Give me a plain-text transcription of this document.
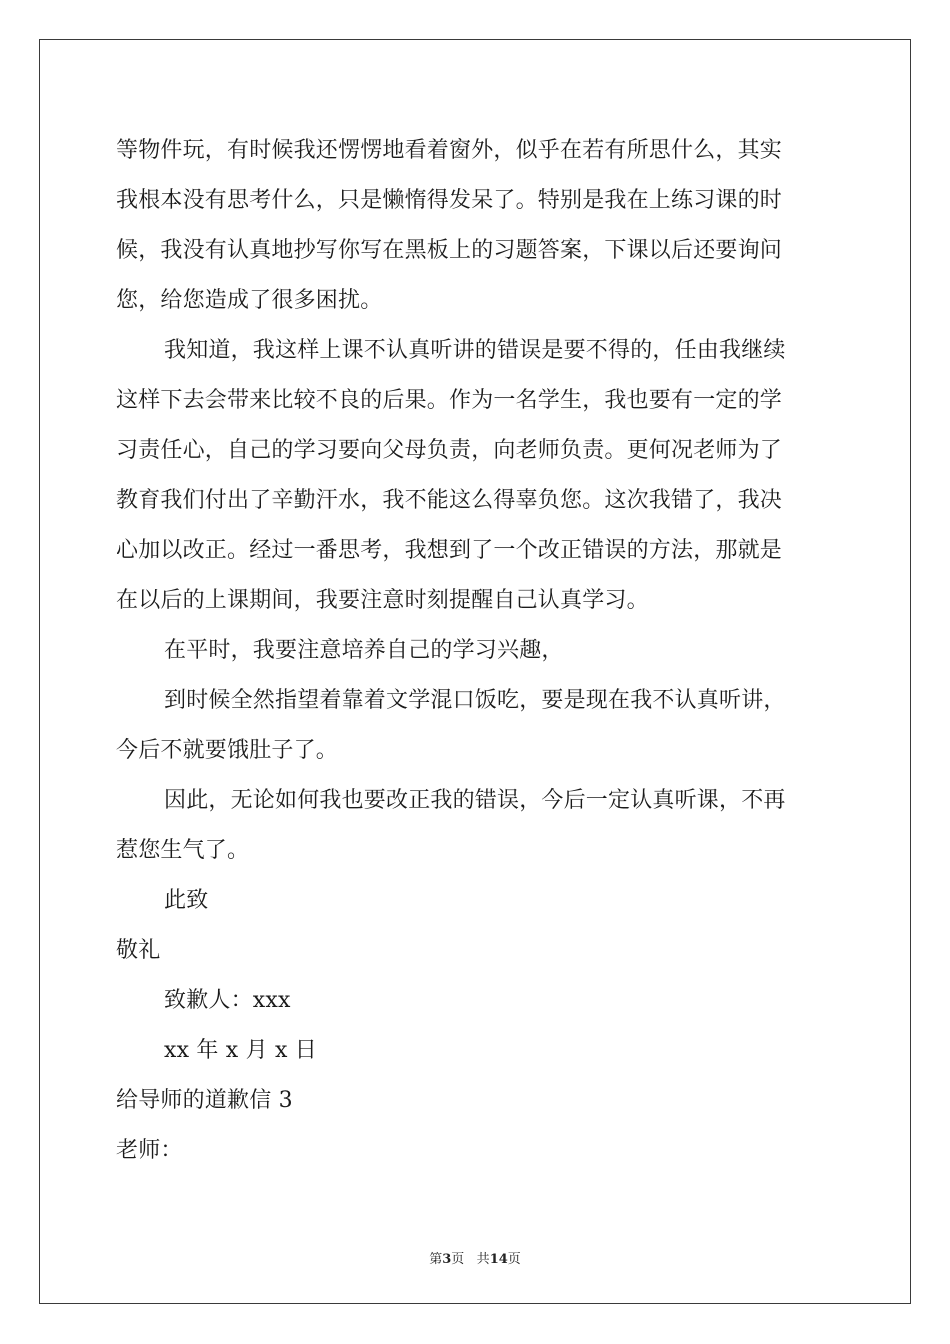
等物件玩，有时候我还愣愣地看着窗外，似乎在若有所思什么，其实
我根本没有思考什么，只是懒惰得发呆了。特别是我在上练习课的时
候，我没有认真地抄写你写在黑板上的习题答案，下课以后还要询问
您，给您造成了很多困扰。
我知道，我这样上课不认真听讲的错误是要不得的，任由我继续
这样下去会带来比较不良的后果。作为一名学生，我也要有一定的学
习责任心，自己的学习要向父母负责，向老师负责。更何况老师为了
教育我们付出了辛勤汗水，我不能这么得辜负您。这次我错了，我决
心加以改正。经过一番思考，我想到了一个改正错误的方法，那就是
在以后的上课期间，我要注意时刻提醒自己认真学习。
在平时，我要注意培养自己的学习兴趣，
到时候全然指望着靠着文学混口饭吃，要是现在我不认真听讲，
今后不就要饿肚子了。
因此，无论如何我也要改正我的错误，今后一定认真听课，不再
惹您生气了。
此致
敬礼
致歉人：xxx
xx 年 x 月 x 日
给导师的道歉信 3
老师：
第3页 共14页
